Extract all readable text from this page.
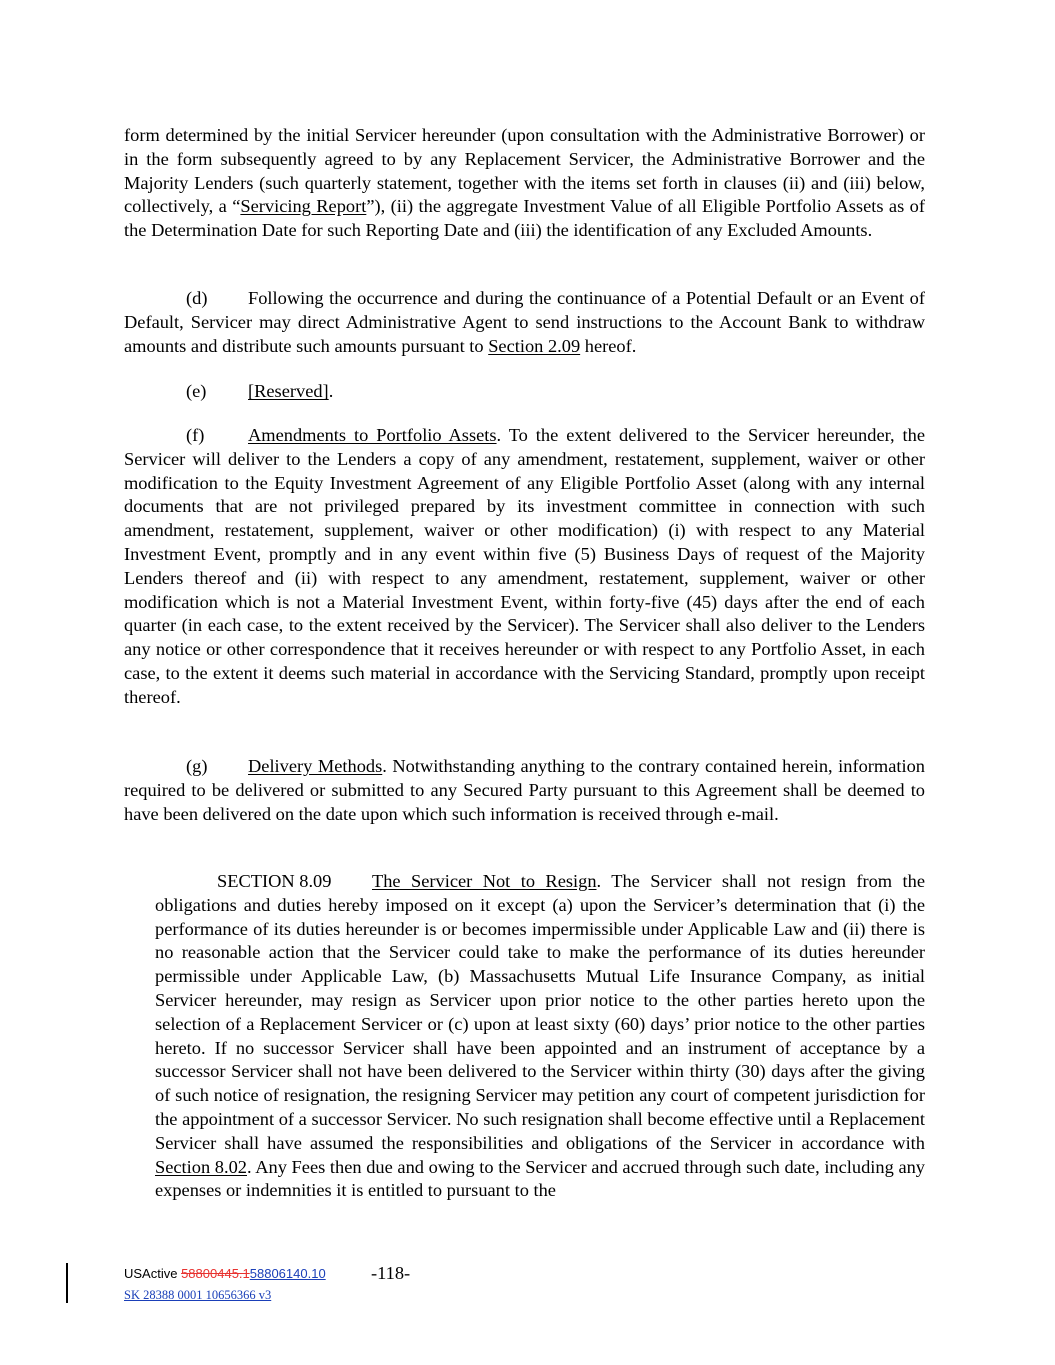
form determined by the initial Servicer hereunder (upon consultation with the Administrative Borrower) or in the form subsequently agreed to by any Replacement Servicer, the Administrative Borrower and the Majority Lenders (such quarterly statement, together with the items set forth in clauses (ii) and (iii) below, collectively, a “Servicing Report”), (ii) the aggregate Investment Value of all Eligible Portfolio Assets as of the Determination Date for such Reporting Date and (iii) the identification of any Excluded Amounts.

(d) Following the occurrence and during the continuance of a Potential Default or an Event of Default, Servicer may direct Administrative Agent to send instructions to the Account Bank to withdraw amounts and distribute such amounts pursuant to Section 2.09 hereof.

(e) [Reserved].

(f) Amendments to Portfolio Assets. To the extent delivered to the Servicer hereunder, the Servicer will deliver to the Lenders a copy of any amendment, restatement, supplement, waiver or other modification to the Equity Investment Agreement of any Eligible Portfolio Asset (along with any internal documents that are not privileged prepared by its investment committee in connection with such amendment, restatement, supplement, waiver or other modification) (i) with respect to any Material Investment Event, promptly and in any event within five (5) Business Days of request of the Majority Lenders thereof and (ii) with respect to any amendment, restatement, supplement, waiver or other modification which is not a Material Investment Event, within forty-five (45) days after the end of each quarter (in each case, to the extent received by the Servicer). The Servicer shall also deliver to the Lenders any notice or other correspondence that it receives hereunder or with respect to any Portfolio Asset, in each case, to the extent it deems such material in accordance with the Servicing Standard, promptly upon receipt thereof.

(g) Delivery Methods. Notwithstanding anything to the contrary contained herein, information required to be delivered or submitted to any Secured Party pursuant to this Agreement shall be deemed to have been delivered on the date upon which such information is received through e-mail.

SECTION 8.09 The Servicer Not to Resign. The Servicer shall not resign from the obligations and duties hereby imposed on it except (a) upon the Servicer’s determination that (i) the performance of its duties hereunder is or becomes impermissible under Applicable Law and (ii) there is no reasonable action that the Servicer could take to make the performance of its duties hereunder permissible under Applicable Law, (b) Massachusetts Mutual Life Insurance Company, as initial Servicer hereunder, may resign as Servicer upon prior notice to the other parties hereto upon the selection of a Replacement Servicer or (c) upon at least sixty (60) days’ prior notice to the other parties hereto. If no successor Servicer shall have been appointed and an instrument of acceptance by a successor Servicer shall not have been delivered to the Servicer within thirty (30) days after the giving of such notice of resignation, the resigning Servicer may petition any court of competent jurisdiction for the appointment of a successor Servicer. No such resignation shall become effective until a Replacement Servicer shall have assumed the responsibilities and obligations of the Servicer in accordance with Section 8.02. Any Fees then due and owing to the Servicer and accrued through such date, including any expenses or indemnities it is entitled to pursuant to the

USActive 58800445.158806140.10 -118-
SK 28388 0001 10656366 v3
